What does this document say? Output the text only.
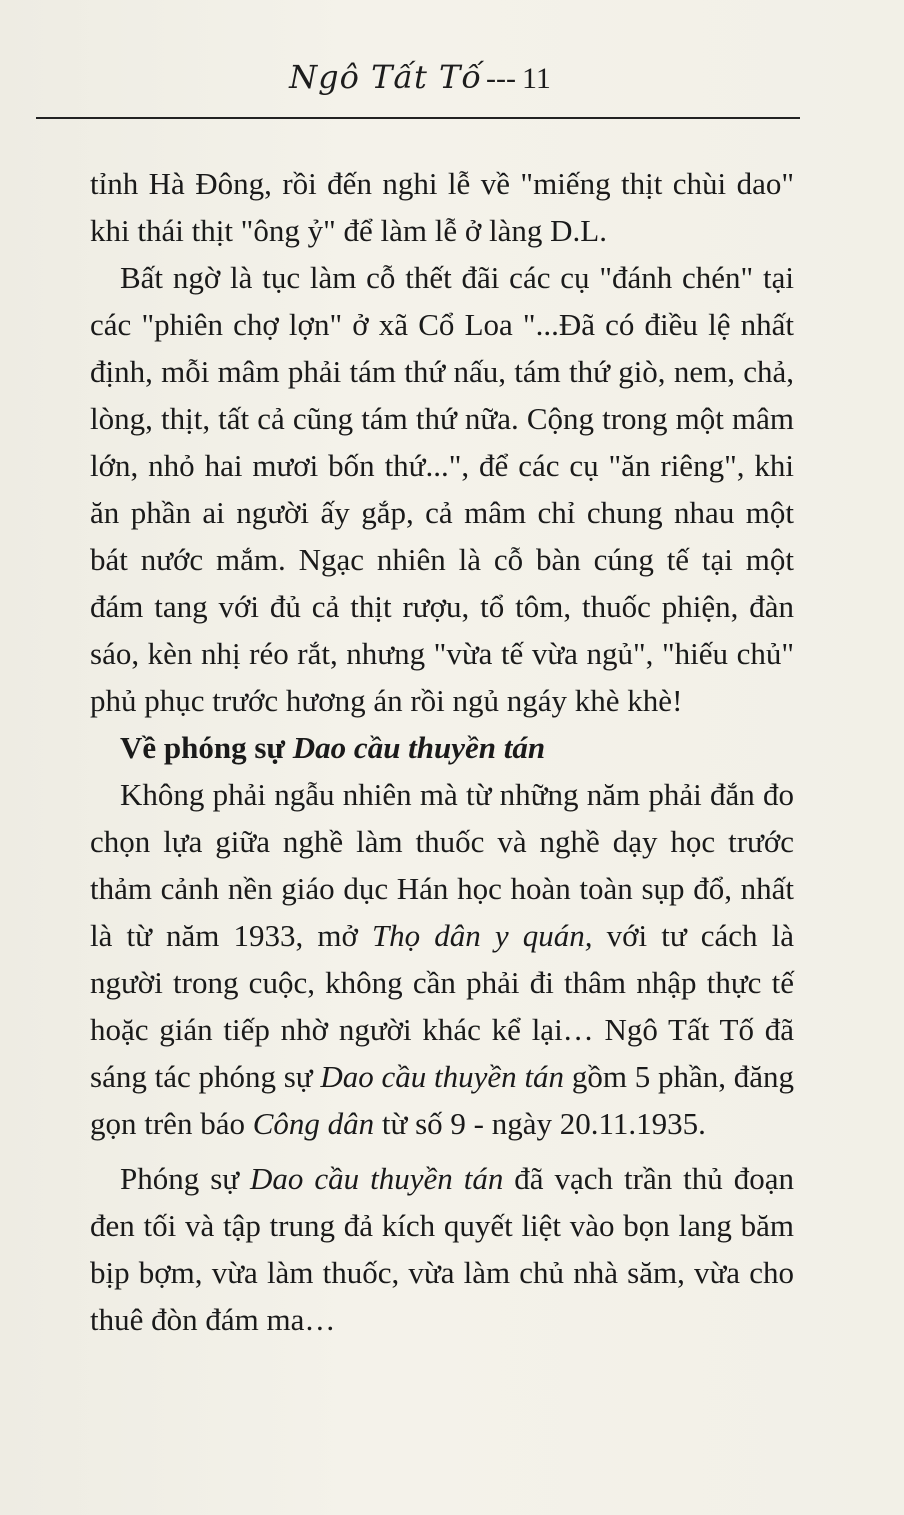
Ngô Tất Tố --- 11

tỉnh Hà Đông, rồi đến nghi lễ về "miếng thịt chùi dao" khi thái thịt "ông ỷ" để làm lễ ở làng D.L.

Bất ngờ là tục làm cỗ thết đãi các cụ "đánh chén" tại các "phiên chợ lợn" ở xã Cổ Loa "...Đã có điều lệ nhất định, mỗi mâm phải tám thứ nấu, tám thứ giò, nem, chả, lòng, thịt, tất cả cũng tám thứ nữa. Cộng trong một mâm lớn, nhỏ hai mươi bốn thứ...", để các cụ "ăn riêng", khi ăn phần ai người ấy gắp, cả mâm chỉ chung nhau một bát nước mắm. Ngạc nhiên là cỗ bàn cúng tế tại một đám tang với đủ cả thịt rượu, tổ tôm, thuốc phiện, đàn sáo, kèn nhị réo rắt, nhưng "vừa tế vừa ngủ", "hiếu chủ" phủ phục trước hương án rồi ngủ ngáy khè khè!

Về phóng sự Dao cầu thuyền tán

Không phải ngẫu nhiên mà từ những năm phải đắn đo chọn lựa giữa nghề làm thuốc và nghề dạy học trước thảm cảnh nền giáo dục Hán học hoàn toàn sụp đổ, nhất là từ năm 1933, mở Thọ dân y quán, với tư cách là người trong cuộc, không cần phải đi thâm nhập thực tế hoặc gián tiếp nhờ người khác kể lại… Ngô Tất Tố đã sáng tác phóng sự Dao cầu thuyền tán gồm 5 phần, đăng gọn trên báo Công dân từ số 9 - ngày 20.11.1935.

Phóng sự Dao cầu thuyền tán đã vạch trần thủ đoạn đen tối và tập trung đả kích quyết liệt vào bọn lang băm bịp bợm, vừa làm thuốc, vừa làm chủ nhà săm, vừa cho thuê đòn đám ma…
